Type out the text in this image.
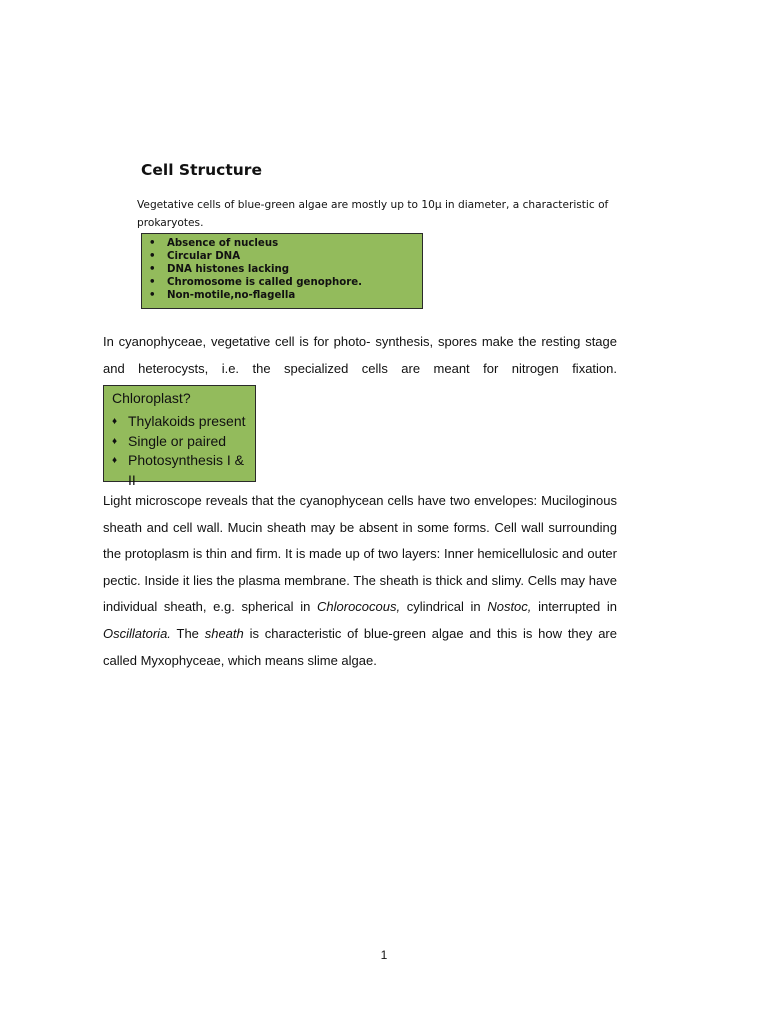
Cell Structure

Vegetative cells of blue-green algae are mostly up to 10μ in diameter, a characteristic of prokaryotes.

•	Absence of nucleus
•	Circular DNA
•	DNA histones lacking
•	Chromosome is called genophore.
•	Non-motile,no-flagella

In cyanophyceae, vegetative cell is for photo- synthesis, spores make the resting stage and heterocysts, i.e. the specialized cells are meant for nitrogen fixation.

Chloroplast?

♦ Thylakoids present
♦ Single or paired
♦ Photosynthesis I & II

Light microscope reveals that the cyanophycean cells have two envelopes: Muciloginous sheath and cell wall. Mucin sheath may be absent in some forms. Cell wall surrounding the protoplasm is thin and firm. It is made up of two layers: Inner hemicellulosic and outer pectic. Inside it lies the plasma membrane. The sheath is thick and slimy. Cells may have individual sheath, e.g. spherical in Chlorococous, cylindrical in Nostoc, interrupted in Oscillatoria. The sheath is characteristic of blue-green algae and this is how they are called Myxophyceae, which means slime algae.

1
